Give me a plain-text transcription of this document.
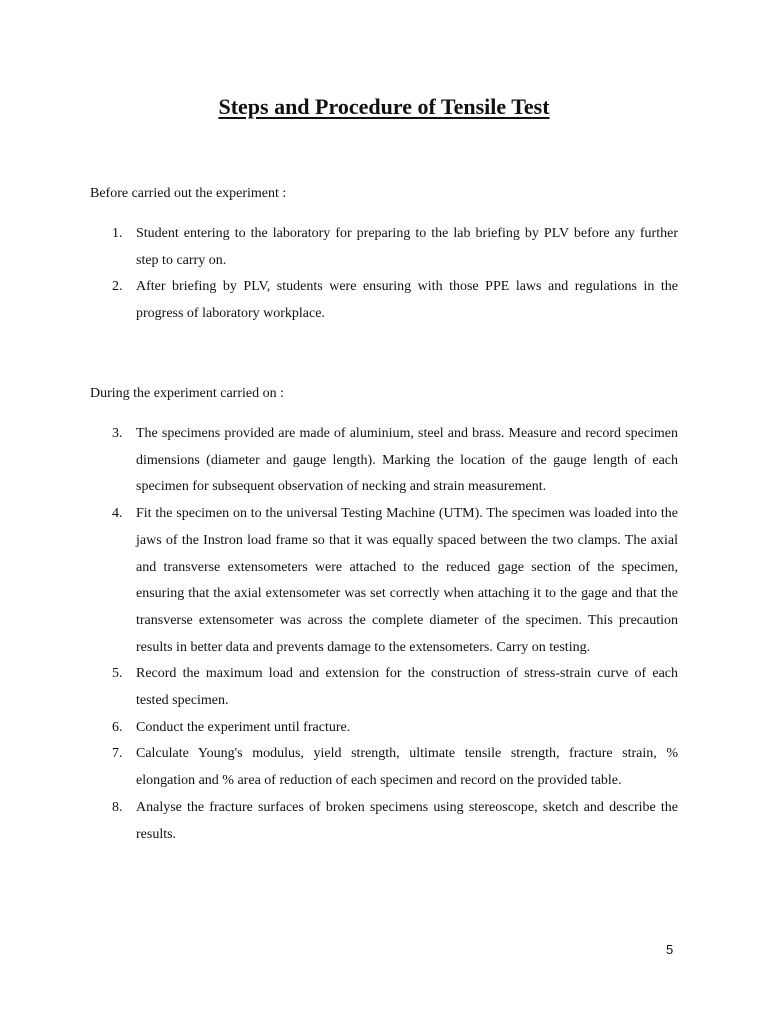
Steps and Procedure of Tensile Test

Before carried out the experiment :

1. Student entering to the laboratory for preparing to the lab briefing by PLV before any further step to carry on.
2. After briefing by PLV, students were ensuring with those PPE laws and regulations in the progress of laboratory workplace.

During the experiment carried on :

3. The specimens provided are made of aluminium, steel and brass. Measure and record specimen dimensions (diameter and gauge length). Marking the location of the gauge length of each specimen for subsequent observation of necking and strain measurement.
4. Fit the specimen on to the universal Testing Machine (UTM). The specimen was loaded into the jaws of the Instron load frame so that it was equally spaced between the two clamps. The axial and transverse extensometers were attached to the reduced gage section of the specimen, ensuring that the axial extensometer was set correctly when attaching it to the gage and that the transverse extensometer was across the complete diameter of the specimen. This precaution results in better data and prevents damage to the extensometers. Carry on testing.
5. Record the maximum load and extension for the construction of stress-strain curve of each tested specimen.
6. Conduct the experiment until fracture.
7. Calculate Young's modulus, yield strength, ultimate tensile strength, fracture strain, % elongation and % area of reduction of each specimen and record on the provided table.
8. Analyse the fracture surfaces of broken specimens using stereoscope, sketch and describe the results.
5
